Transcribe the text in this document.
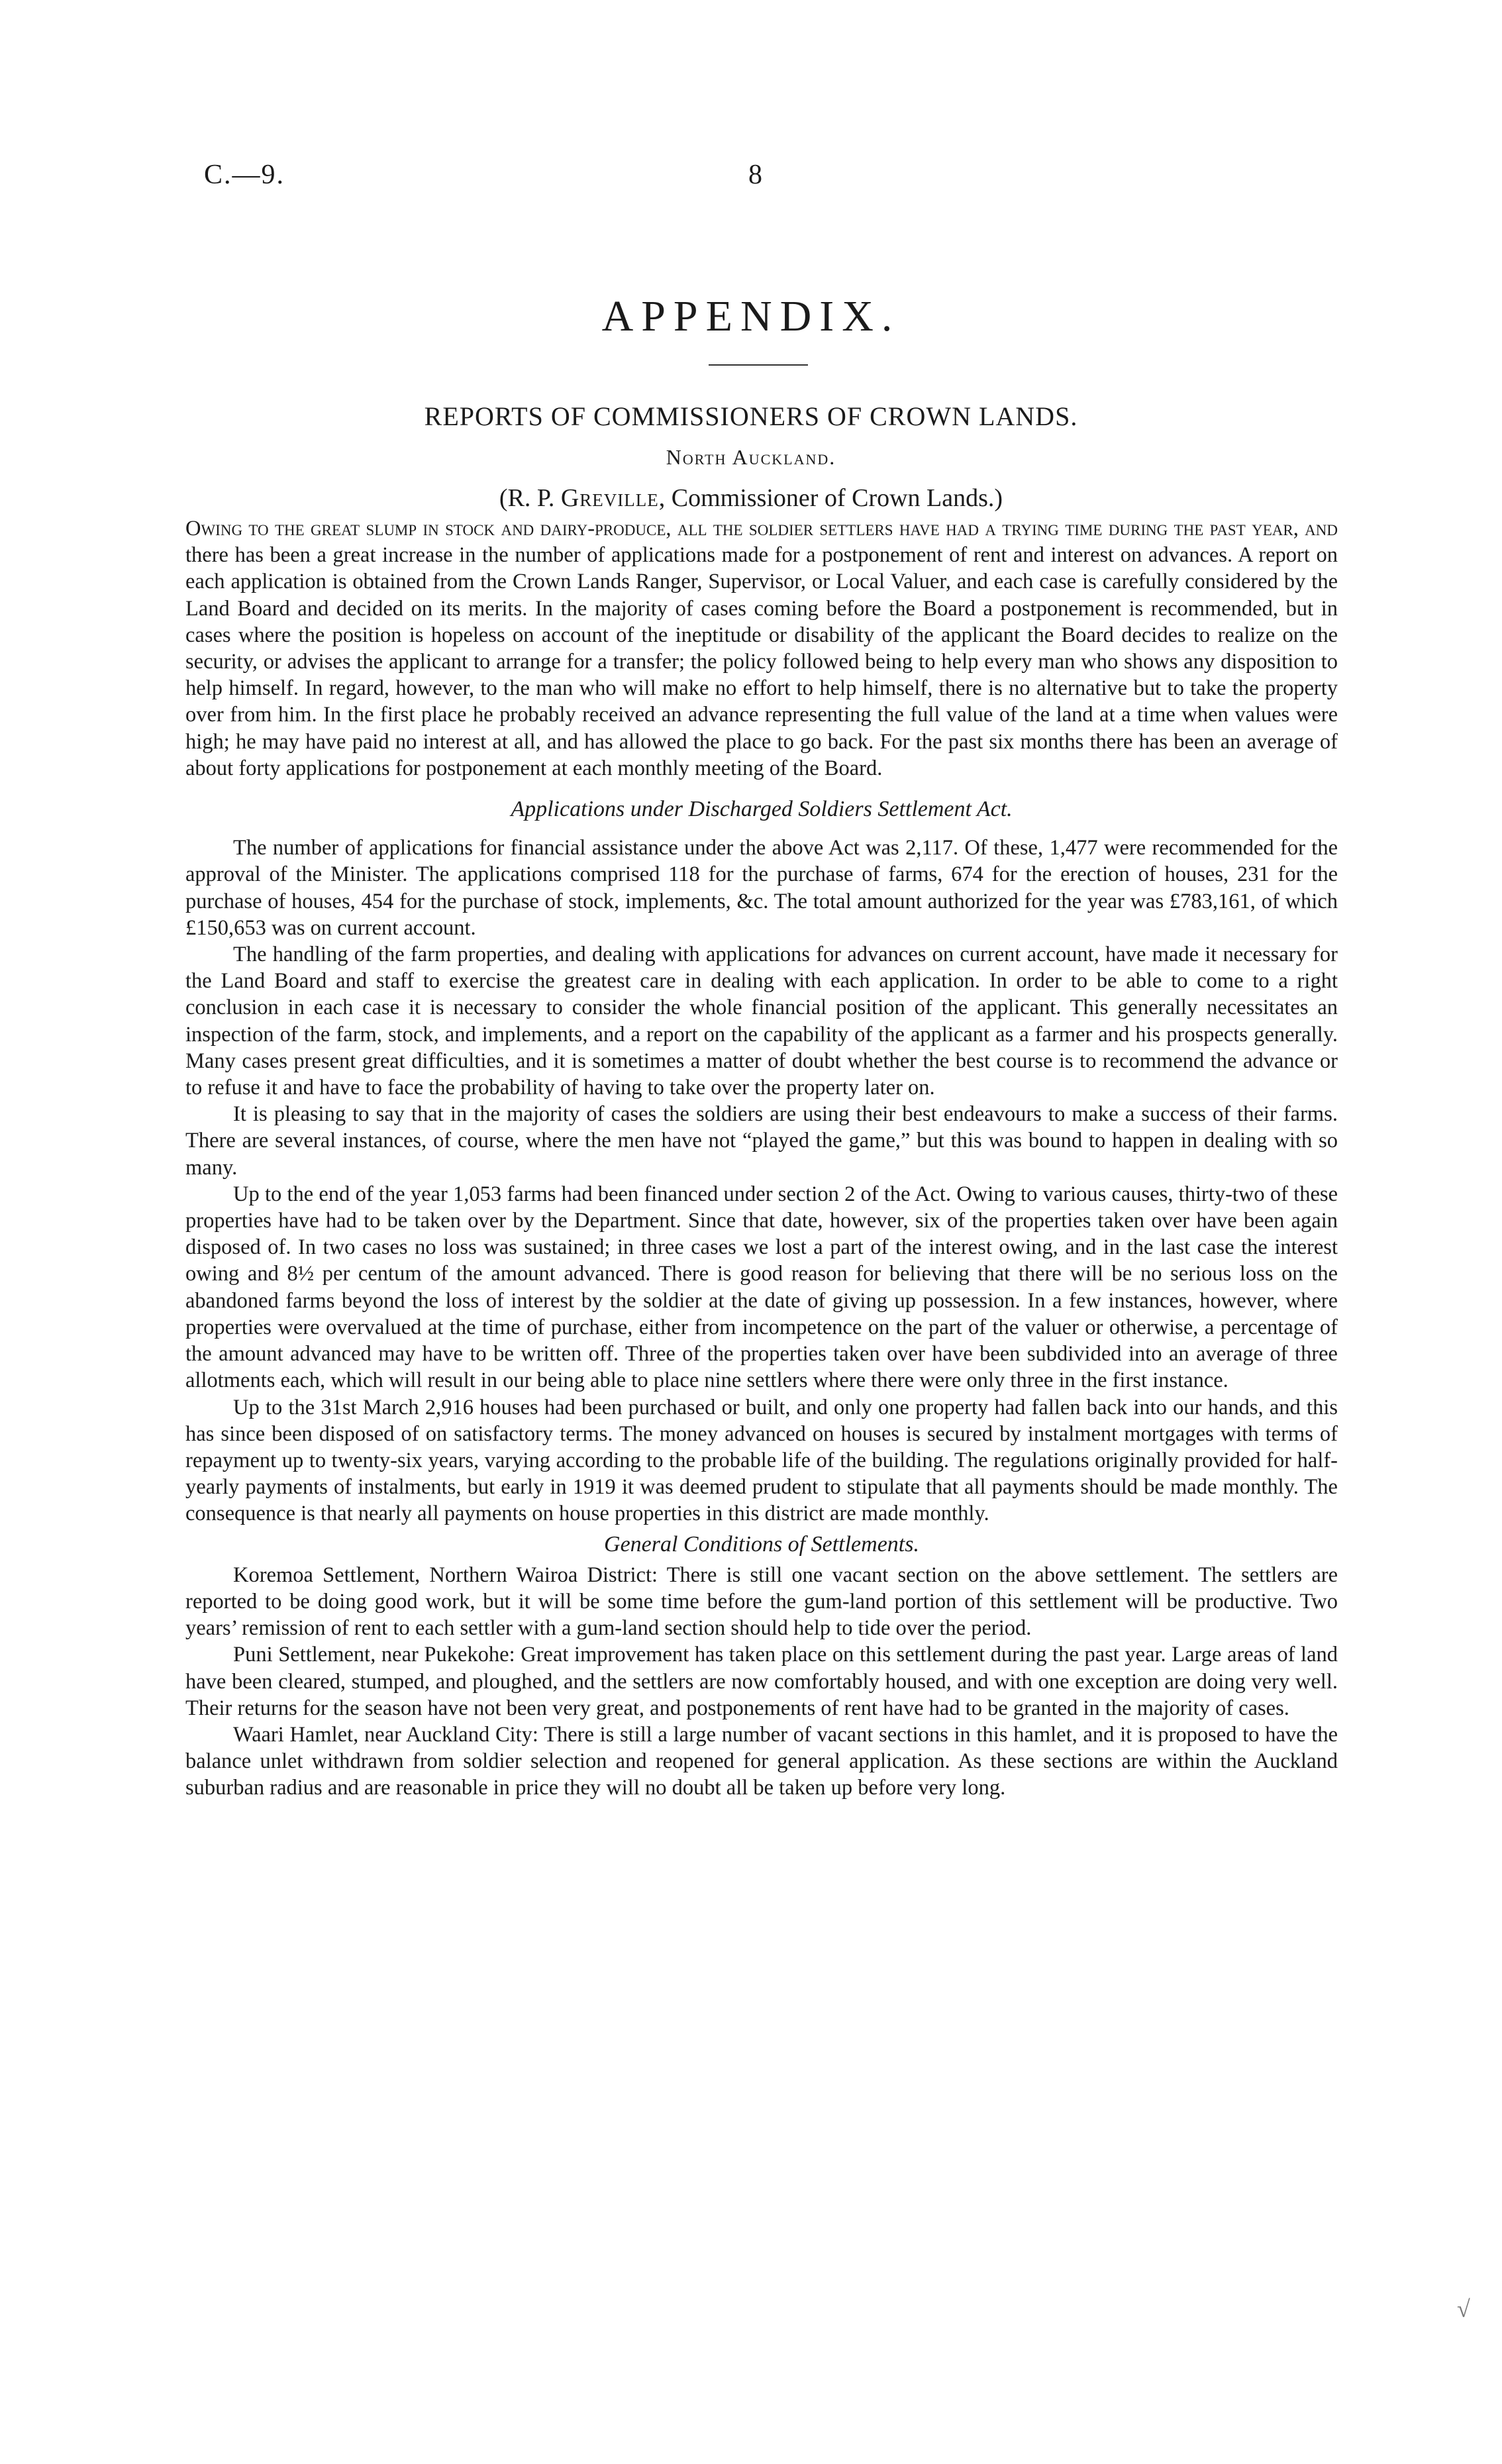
C.—9.	8
APPENDIX.
REPORTS OF COMMISSIONERS OF CROWN LANDS.
North Auckland.
(R. P. Greville, Commissioner of Crown Lands.)

Owing to the great slump in stock and dairy-produce, all the soldier settlers have had a trying time during the past year, and there has been a great increase in the number of applications made for a postponement of rent and interest on advances. A report on each application is obtained from the Crown Lands Ranger, Supervisor, or Local Valuer, and each case is carefully considered by the Land Board and decided on its merits. In the majority of cases coming before the Board a postponement is recommended, but in cases where the position is hopeless on account of the ineptitude or disability of the applicant the Board decides to realize on the security, or advises the applicant to arrange for a transfer; the policy followed being to help every man who shows any disposition to help himself. In regard, however, to the man who will make no effort to help himself, there is no alternative but to take the property over from him. In the first place he probably received an advance representing the full value of the land at a time when values were high; he may have paid no interest at all, and has allowed the place to go back. For the past six months there has been an average of about forty applications for postponement at each monthly meeting of the Board.

Applications under Discharged Soldiers Settlement Act.

The number of applications for financial assistance under the above Act was 2,117. Of these, 1,477 were recommended for the approval of the Minister. The applications comprised 118 for the purchase of farms, 674 for the erection of houses, 231 for the purchase of houses, 454 for the purchase of stock, implements, &c. The total amount authorized for the year was £783,161, of which £150,653 was on current account.

The handling of the farm properties, and dealing with applications for advances on current account, have made it necessary for the Land Board and staff to exercise the greatest care in dealing with each application. In order to be able to come to a right conclusion in each case it is necessary to consider the whole financial position of the applicant. This generally necessitates an inspection of the farm, stock, and implements, and a report on the capability of the applicant as a farmer and his prospects generally. Many cases present great difficulties, and it is sometimes a matter of doubt whether the best course is to recommend the advance or to refuse it and have to face the probability of having to take over the property later on.

It is pleasing to say that in the majority of cases the soldiers are using their best endeavours to make a success of their farms. There are several instances, of course, where the men have not “played the game,” but this was bound to happen in dealing with so many.

Up to the end of the year 1,053 farms had been financed under section 2 of the Act. Owing to various causes, thirty-two of these properties have had to be taken over by the Department. Since that date, however, six of the properties taken over have been again disposed of. In two cases no loss was sustained; in three cases we lost a part of the interest owing, and in the last case the interest owing and 8½ per centum of the amount advanced. There is good reason for believing that there will be no serious loss on the abandoned farms beyond the loss of interest by the soldier at the date of giving up possession. In a few instances, however, where properties were overvalued at the time of purchase, either from incompetence on the part of the valuer or otherwise, a percentage of the amount advanced may have to be written off. Three of the properties taken over have been subdivided into an average of three allotments each, which will result in our being able to place nine settlers where there were only three in the first instance.

Up to the 31st March 2,916 houses had been purchased or built, and only one property had fallen back into our hands, and this has since been disposed of on satisfactory terms. The money advanced on houses is secured by instalment mortgages with terms of repayment up to twenty-six years, varying according to the probable life of the building. The regulations originally provided for half-yearly payments of instalments, but early in 1919 it was deemed prudent to stipulate that all payments should be made monthly. The consequence is that nearly all payments on house properties in this district are made monthly.

General Conditions of Settlements.

Koremoa Settlement, Northern Wairoa District: There is still one vacant section on the above settlement. The settlers are reported to be doing good work, but it will be some time before the gum-land portion of this settlement will be productive. Two years’ remission of rent to each settler with a gum-land section should help to tide over the period.

Puni Settlement, near Pukekohe: Great improvement has taken place on this settlement during the past year. Large areas of land have been cleared, stumped, and ploughed, and the settlers are now comfortably housed, and with one exception are doing very well. Their returns for the season have not been very great, and postponements of rent have had to be granted in the majority of cases.

Waari Hamlet, near Auckland City: There is still a large number of vacant sections in this hamlet, and it is proposed to have the balance unlet withdrawn from soldier selection and reopened for general application. As these sections are within the Auckland suburban radius and are reasonable in price they will no doubt all be taken up before very long.

√
